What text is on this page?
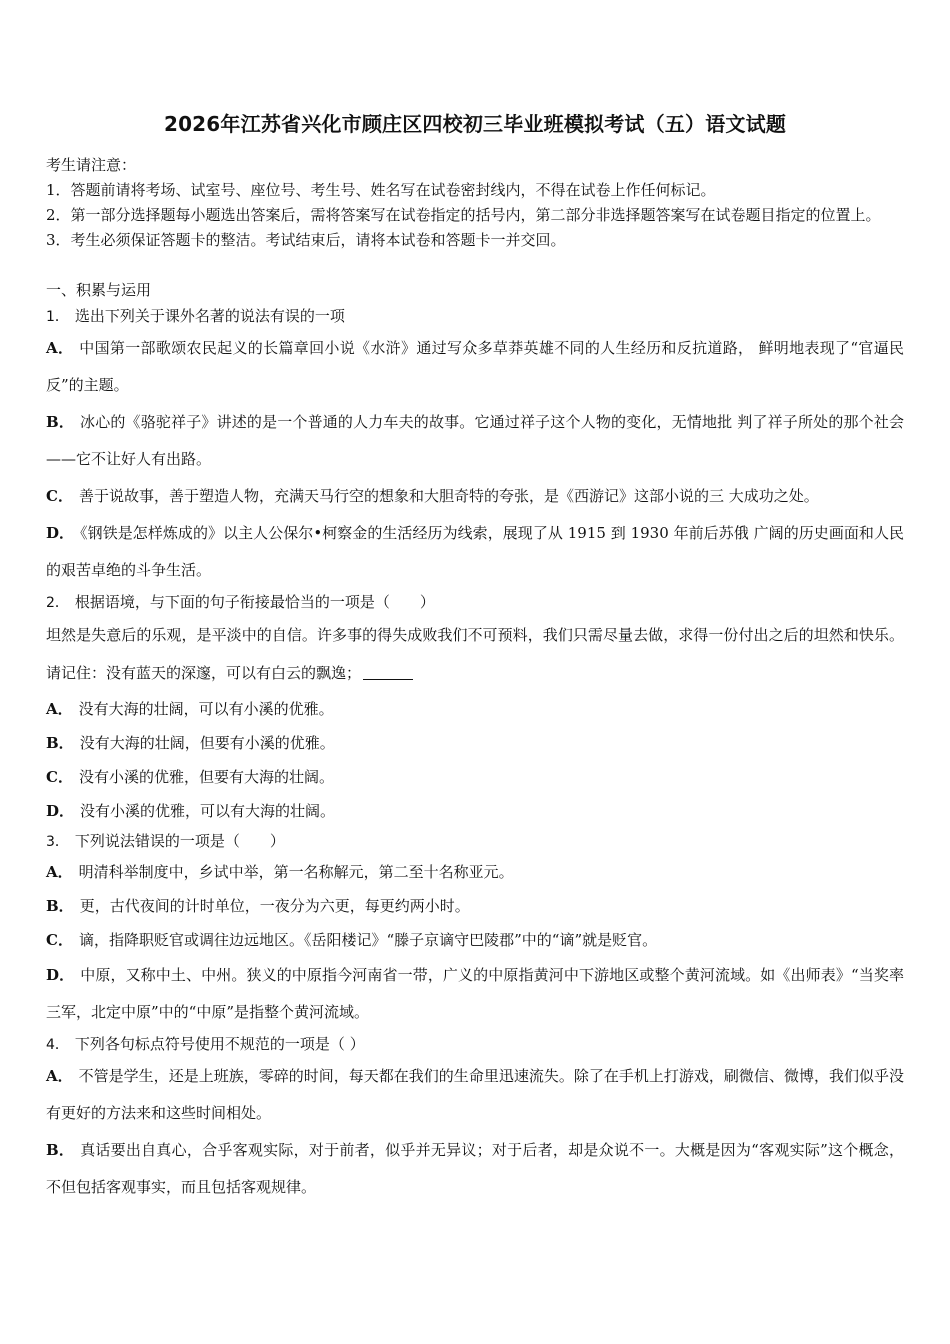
2026年江苏省兴化市顾庄区四校初三毕业班模拟考试（五）语文试题

考生请注意：

1．答题前请将考场、试室号、座位号、考生号、姓名写在试卷密封线内，不得在试卷上作任何标记。

2．第一部分选择题每小题选出答案后，需将答案写在试卷指定的括号内，第二部分非选择题答案写在试卷题目指定的位置上。

3．考生必须保证答题卡的整洁。考试结束后，请将本试卷和答题卡一并交回。

一、积累与运用

1． 选出下列关于课外名著的说法有误的一项

A． 中国第一部歌颂农民起义的长篇章回小说《水浒》通过写众多草莽英雄不同的人生经历和反抗道路， 鲜明地表现了“官逼民反”的主题。

B． 冰心的《骆驼祥子》讲述的是一个普通的人力车夫的故事。它通过祥子这个人物的变化，无情地批 判了祥子所处的那个社会——它不让好人有出路。

C． 善于说故事，善于塑造人物，充满天马行空的想象和大胆奇特的夸张，是《西游记》这部小说的三 大成功之处。

D． 《钢铁是怎样炼成的》以主人公保尔•柯察金的生活经历为线索，展现了从 1915 到 1930 年前后苏俄 广阔的历史画面和人民的艰苦卓绝的斗争生活。

2． 根据语境，与下面的句子衔接最恰当的一项是（　　）

坦然是失意后的乐观，是平淡中的自信。许多事的得失成败我们不可预料，我们只需尽量去做，求得一份付出之后的坦然和快乐。请记住：没有蓝天的深邃，可以有白云的飘逸；

A． 没有大海的壮阔，可以有小溪的优雅。

B． 没有大海的壮阔，但要有小溪的优雅。

C． 没有小溪的优雅，但要有大海的壮阔。

D． 没有小溪的优雅，可以有大海的壮阔。

3． 下列说法错误的一项是（　　）

A． 明清科举制度中，乡试中举，第一名称解元，第二至十名称亚元。

B． 更，古代夜间的计时单位，一夜分为六更，每更约两小时。

C． 谪，指降职贬官或调往边远地区。《岳阳楼记》“滕子京谪守巴陵郡”中的“谪”就是贬官。

D． 中原，又称中土、中州。狭义的中原指今河南省一带，广义的中原指黄河中下游地区或整个黄河流域。如《出师表》“当奖率三军，北定中原”中的“中原”是指整个黄河流域。

4． 下列各句标点符号使用不规范的一项是（ ）

A． 不管是学生，还是上班族，零碎的时间，每天都在我们的生命里迅速流失。除了在手机上打游戏，刷微信、微博，我们似乎没有更好的方法来和这些时间相处。

B． 真话要出自真心，合乎客观实际，对于前者，似乎并无异议；对于后者，却是众说不一。大概是因为“客观实际”这个概念，不但包括客观事实，而且包括客观规律。
